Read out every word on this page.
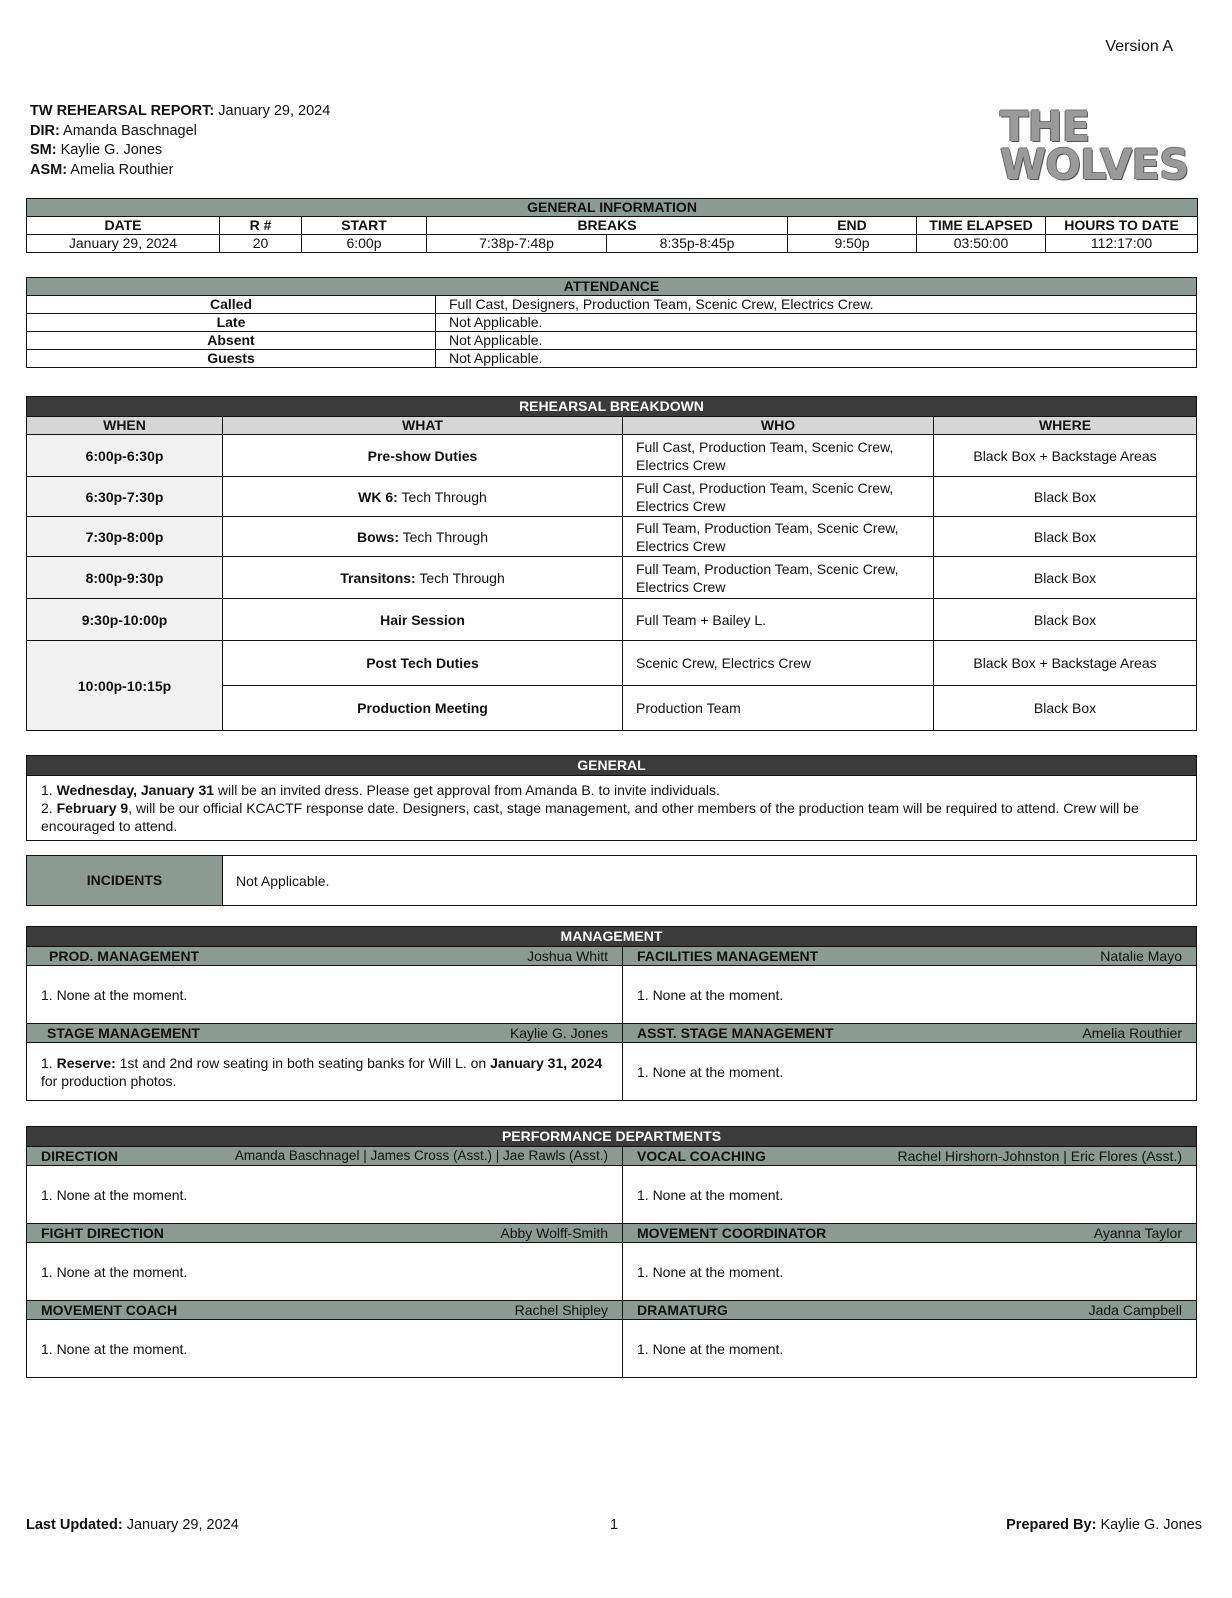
Version A
TW REHEARSAL REPORT: January 29, 2024
DIR: Amanda Baschnagel
SM: Kaylie G. Jones
ASM: Amelia Routhier
THE
WOLVES
GENERAL INFORMATION							
DATE	R #	START	BREAKS		END	TIME ELAPSED	HOURS TO DATE
January 29, 2024	20	6:00p	7:38p-7:48p	8:35p-8:45p	9:50p	03:50:00	112:17:00
ATTENDANCE	
Called	Full Cast, Designers, Production Team, Scenic Crew, Electrics Crew.
Late	Not Applicable.
Absent	Not Applicable.
Guests	Not Applicable.
REHEARSAL BREAKDOWN			
WHEN	WHAT	WHO	WHERE
6:00p-6:30p	Pre-show Duties	Full Cast, Production Team, Scenic Crew, Electrics Crew	Black Box + Backstage Areas
6:30p-7:30p	WK 6: Tech Through	Full Cast, Production Team, Scenic Crew, Electrics Crew	Black Box
7:30p-8:00p	Bows: Tech Through	Full Team, Production Team, Scenic Crew, Electrics Crew	Black Box
8:00p-9:30p	Transitons: Tech Through	Full Team, Production Team, Scenic Crew, Electrics Crew	Black Box
9:30p-10:00p	Hair Session	Full Team + Bailey L.	Black Box
10:00p-10:15p	Post Tech Duties	Scenic Crew, Electrics Crew	Black Box + Backstage Areas
	Production Meeting	Production Team	Black Box
GENERAL

1. Wednesday, January 31 will be an invited dress. Please get approval from Amanda B. to invite individuals.
2. February 9, will be our official KCACTF response date. Designers, cast, stage management, and other members of the production team will be required to attend. Crew will be encouraged to attend.
INCIDENTS	Not Applicable.
MANAGEMENT	
PROD. MANAGEMENT Joshua Whitt	FACILITIES MANAGEMENT Natalie Mayo

1. None at the moment.	1. None at the moment.
STAGE MANAGEMENT Kaylie G. Jones	ASST. STAGE MANAGEMENT Amelia Routhier

1. Reserve: 1st and 2nd row seating in both seating banks for Will L. on January 31, 2024 for production photos.	1. None at the moment.
PERFORMANCE DEPARTMENTS	
DIRECTION Amanda Baschnagel | James Cross (Asst.) | Jae Rawls (Asst.)	VOCAL COACHING Rachel Hirshorn-Johnston | Eric Flores (Asst.)

1. None at the moment.	1. None at the moment.
FIGHT DIRECTION Abby Wolff-Smith	MOVEMENT COORDINATOR Ayanna Taylor

1. None at the moment.	1. None at the moment.
MOVEMENT COACH Rachel Shipley	DRAMATURG Jada Campbell

1. None at the moment.	1. None at the moment.
Last Updated: January 29, 2024	1	Prepared By: Kaylie G. Jones
